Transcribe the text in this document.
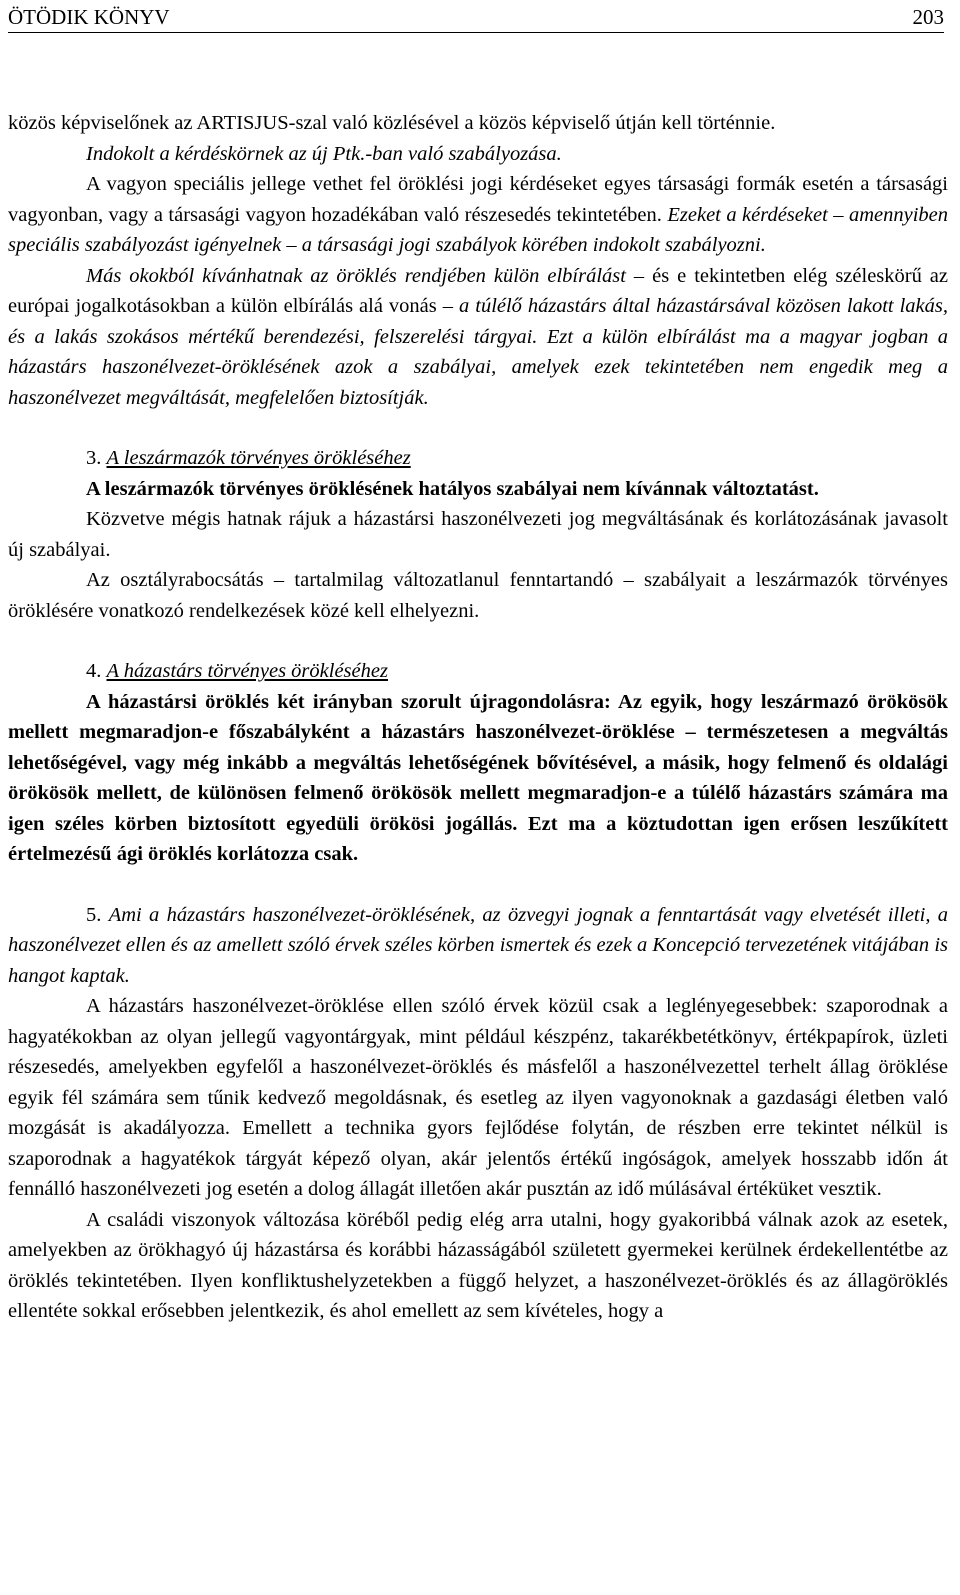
ÖTÖDIK KÖNYV	203

közös képviselőnek az ARTISJUS-szal való közlésével a közös képviselő útján kell történnie.

Indokolt a kérdéskörnek az új Ptk.-ban való szabályozása.

A vagyon speciális jellege vethet fel öröklési jogi kérdéseket egyes társasági formák esetén a társasági vagyonban, vagy a társasági vagyon hozadékában való részesedés tekintetében. Ezeket a kérdéseket – amennyiben speciális szabályozást igényelnek – a társasági jogi szabályok körében indokolt szabályozni.

Más okokból kívánhatnak az öröklés rendjében külön elbírálást – és e tekintetben elég széleskörű az európai jogalkotásokban a külön elbírálás alá vonás – a túlélő házastárs által házastársával közösen lakott lakás, és a lakás szokásos mértékű berendezési, felszerelési tárgyai. Ezt a külön elbírálást ma a magyar jogban a házastárs haszonélvezet-öröklésének azok a szabályai, amelyek ezek tekintetében nem engedik meg a haszonélvezet megváltását, megfelelően biztosítják.

3. A leszármazók törvényes örökléséhez

A leszármazók törvényes öröklésének hatályos szabályai nem kívánnak változtatást.

Közvetve mégis hatnak rájuk a házastársi haszonélvezeti jog megváltásának és korlátozásának javasolt új szabályai.

Az osztályrabocsátás – tartalmilag változatlanul fenntartandó – szabályait a leszármazók törvényes öröklésére vonatkozó rendelkezések közé kell elhelyezni.

4. A házastárs törvényes örökléséhez

A házastársi öröklés két irányban szorult újragondolásra: Az egyik, hogy leszármazó örökösök mellett megmaradjon-e főszabályként a házastárs haszonélvezet-öröklése – természetesen a megváltás lehetőségével, vagy még inkább a megváltás lehetőségének bővítésével, a másik, hogy felmenő és oldalági örökösök mellett, de különösen felmenő örökösök mellett megmaradjon-e a túlélő házastárs számára ma igen széles körben biztosított egyedüli örökösi jogállás. Ezt ma a köztudottan igen erősen leszűkített értelmezésű ági öröklés korlátozza csak.

5. Ami a házastárs haszonélvezet-öröklésének, az özvegyi jognak a fenntartását vagy elvetését illeti, a haszonélvezet ellen és az amellett szóló érvek széles körben ismertek és ezek a Koncepció tervezetének vitájában is hangot kaptak.

A házastárs haszonélvezet-öröklése ellen szóló érvek közül csak a leglényegesebbek: szaporodnak a hagyatékokban az olyan jellegű vagyontárgyak, mint például készpénz, takarékbetétkönyv, értékpapírok, üzleti részesedés, amelyekben egyfelől a haszonélvezet-öröklés és másfelől a haszonélvezettel terhelt állag öröklése egyik fél számára sem tűnik kedvező megoldásnak, és esetleg az ilyen vagyonoknak a gazdasági életben való mozgását is akadályozza. Emellett a technika gyors fejlődése folytán, de részben erre tekintet nélkül is szaporodnak a hagyatékok tárgyát képező olyan, akár jelentős értékű ingóságok, amelyek hosszabb időn át fennálló haszonélvezeti jog esetén a dolog állagát illetően akár pusztán az idő múlásával értéküket vesztik.

A családi viszonyok változása köréből pedig elég arra utalni, hogy gyakoribbá válnak azok az esetek, amelyekben az örökhagyó új házastársa és korábbi házasságából született gyermekei kerülnek érdekellentétbe az öröklés tekintetében. Ilyen konfliktushelyzetekben a függő helyzet, a haszonélvezet-öröklés és az állagöröklés ellentéte sokkal erősebben jelentkezik, és ahol emellett az sem kívételes, hogy a
